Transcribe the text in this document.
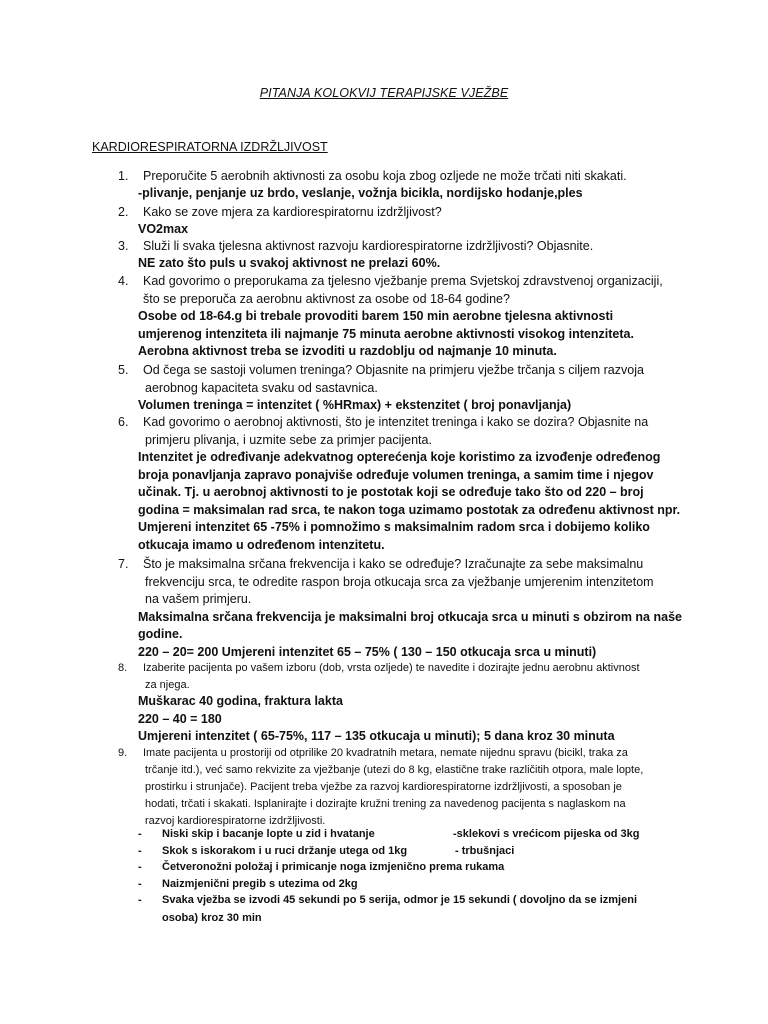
PITANJA KOLOKVIJ TERAPIJSKE VJEŽBE
KARDIORESPIRATORNA IZDRŽLJIVOST
1. Preporučite 5 aerobnih aktivnosti za osobu koja zbog ozljede ne može trčati niti skakati.
-plivanje, penjanje uz brdo, veslanje, vožnja bicikla, nordijsko hodanje,ples
2. Kako se zove mjera za kardiorespiratornu izdržljivost?
VO2max
3. Služi li svaka tjelesna aktivnost razvoju kardiorespiratorne izdržljivosti? Objasnite.
NE zato što puls u svakoj aktivnost ne prelazi 60%.
4. Kad govorimo o preporukama za tjelesno vježbanje prema Svjetskoj zdravstvenoj organizaciji,
što se preporuča za aerobnu aktivnost za osobe od 18-64 godine?
Osobe od 18-64.g bi trebale provoditi barem 150 min aerobne tjelesna aktivnosti
umjerenog intenziteta ili najmanje 75 minuta aerobne aktivnosti visokog intenziteta.
Aerobna aktivnost treba se izvoditi u razdoblju od najmanje 10 minuta.
5. Od čega se sastoji volumen treninga? Objasnite na primjeru vježbe trčanja s ciljem razvoja
aerobnog kapaciteta svaku od sastavnica.
Volumen treninga = intenzitet ( %HRmax) + ekstenzitet ( broj ponavljanja)
6. Kad govorimo o aerobnoj aktivnosti, što je intenzitet treninga i kako se dozira? Objasnite na
primjeru plivanja, i uzmite sebe za primjer pacijenta.
Intenzitet je određivanje adekvatnog opterećenja koje koristimo za izvođenje određenog
broja ponavljanja zapravo ponajviše određuje volumen treninga, a samim time i njegov
učinak. Tj. u aerobnoj aktivnosti to je postotak koji se određuje tako što od 220 – broj
godina = maksimalan rad srca, te nakon toga uzimamo postotak za određenu aktivnost npr.
Umjereni intenzitet 65 -75% i pomnožimo s maksimalnim radom srca i dobijemo koliko
otkucaja imamo u određenom intenzitetu.
7. Što je maksimalna srčana frekvencija i kako se određuje? Izračunajte za sebe maksimalnu
frekvenciju srca, te odredite raspon broja otkucaja srca za vježbanje umjerenim intenzitetom
na vašem primjeru.
Maksimalna srčana frekvencija je maksimalni broj otkucaja srca u minuti s obzirom na naše
godine.
220 – 20= 200 Umjereni intenzitet 65 – 75% ( 130 – 150 otkucaja srca u minuti)
8. Izaberite pacijenta po vašem izboru (dob, vrsta ozljede) te navedite i dozirajte jednu aerobnu aktivnost
za njega.
Muškarac 40 godina, fraktura lakta
220 – 40 = 180
Umjereni intenzitet ( 65-75%, 117 – 135 otkucaja u minuti); 5 dana kroz 30 minuta
9. Imate pacijenta u prostoriji od otprilike 20 kvadratnih metara, nemate nijednu spravu (bicikl, traka za
trčanje itd.), već samo rekvizite za vježbanje (utezi do 8 kg, elastične trake različitih otpora, male lopte,
prostirku i strunjače). Pacijent treba vježbe za razvoj kardiorespiratorne izdržljivosti, a sposoban je
hodati, trčati i skakati. Isplanirajte i dozirajte kružni trening za navedenog pacijenta s naglaskom na
razvoj kardiorespiratorne izdržljivosti.
- Niski skip i bacanje lopte u zid i hvatanje	-sklekovi s vrećicom pijeska od 3kg
- Skok s iskorakom i u ruci držanje utega od 1kg	- trbušnjaci
- Četveronožni položaj i primicanje noga izmjenično prema rukama
- Naizmjenični pregib s utezima od 2kg
- Svaka vježba se izvodi 45 sekundi po 5 serija, odmor je 15 sekundi ( dovoljno da se izmjeni
osoba) kroz 30 min
